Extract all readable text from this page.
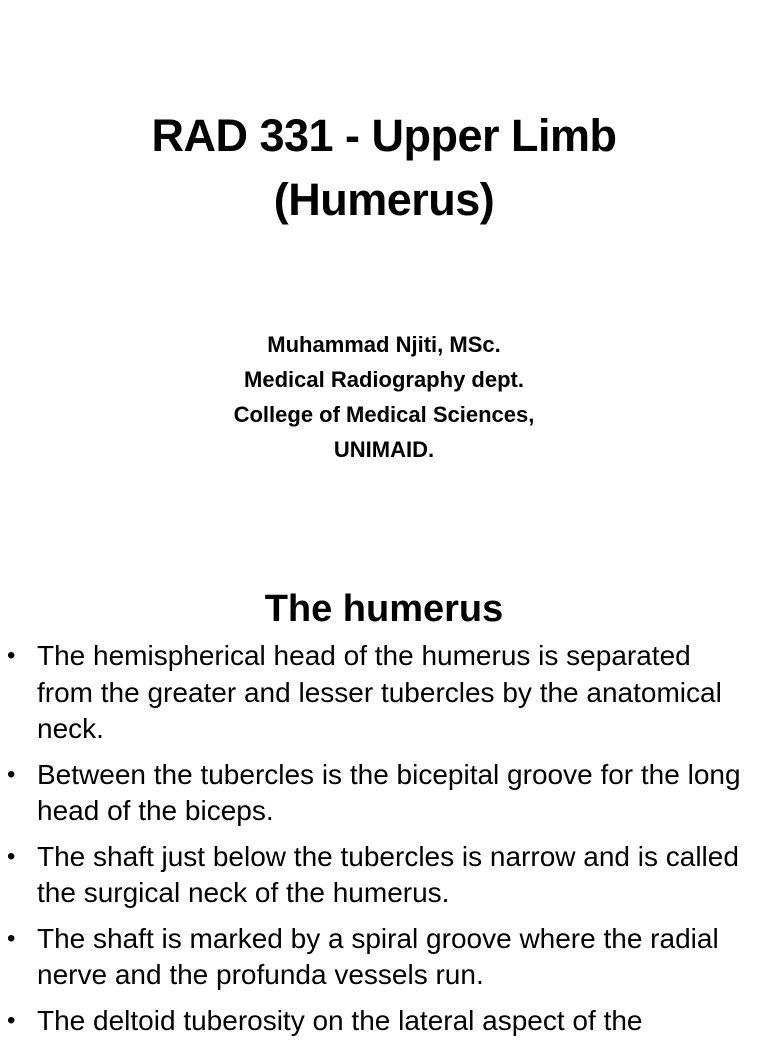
RAD 331 - Upper Limb
(Humerus)
Muhammad Njiti, MSc.
Medical Radiography dept.
College of Medical Sciences,
UNIMAID.
The humerus
• The hemispherical head of the humerus is separated from the greater and lesser tubercles by the anatomical neck.
• Between the tubercles is the bicepital groove for the long head of the biceps.
• The shaft just below the tubercles is narrow and is called the surgical neck of the humerus.
• The shaft is marked by a spiral groove where the radial nerve and the profunda vessels run.
• The deltoid tuberosity on the lateral aspect of the
